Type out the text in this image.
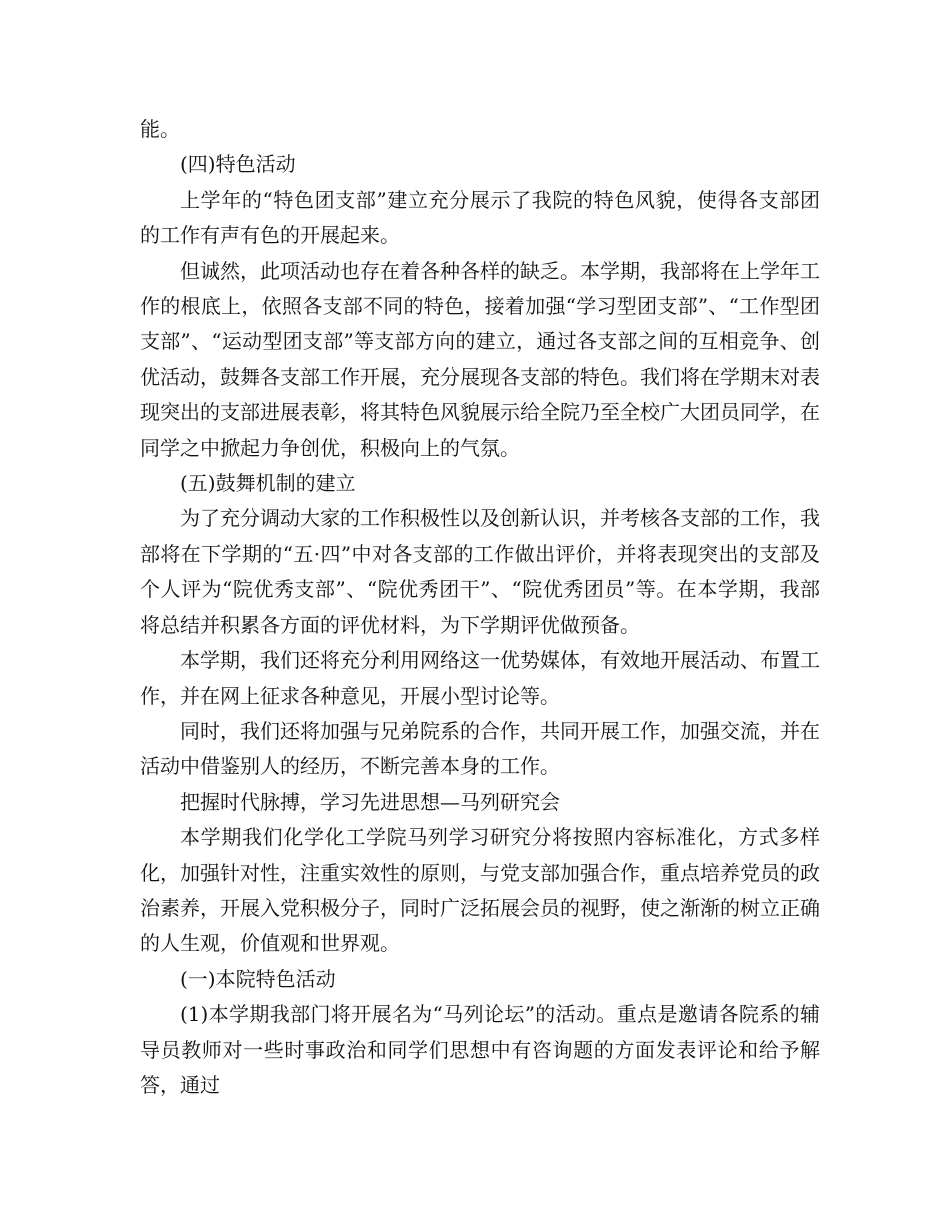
能。

(四)特色活动

上学年的“特色团支部”建立充分展示了我院的特色风貌，使得各支部团的工作有声有色的开展起来。

但诚然，此项活动也存在着各种各样的缺乏。本学期，我部将在上学年工作的根底上，依照各支部不同的特色，接着加强“学习型团支部”、“工作型团支部”、“运动型团支部”等支部方向的建立，通过各支部之间的互相竞争、创优活动，鼓舞各支部工作开展，充分展现各支部的特色。我们将在学期末对表现突出的支部进展表彰，将其特色风貌展示给全院乃至全校广大团员同学，在同学之中掀起力争创优，积极向上的气氛。

(五)鼓舞机制的建立

为了充分调动大家的工作积极性以及创新认识，并考核各支部的工作，我部将在下学期的“五·四”中对各支部的工作做出评价，并将表现突出的支部及个人评为“院优秀支部”、“院优秀团干”、“院优秀团员”等。在本学期，我部将总结并积累各方面的评优材料，为下学期评优做预备。

本学期，我们还将充分利用网络这一优势媒体，有效地开展活动、布置工作，并在网上征求各种意见，开展小型讨论等。

同时，我们还将加强与兄弟院系的合作，共同开展工作，加强交流，并在活动中借鉴别人的经历，不断完善本身的工作。

把握时代脉搏，学习先进思想—马列研究会

本学期我们化学化工学院马列学习研究分将按照内容标准化，方式多样化，加强针对性，注重实效性的原则，与党支部加强合作，重点培养党员的政治素养，开展入党积极分子，同时广泛拓展会员的视野，使之渐渐的树立正确的人生观，价值观和世界观。

(一)本院特色活动

(1)本学期我部门将开展名为“马列论坛”的活动。重点是邀请各院系的辅导员教师对一些时事政治和同学们思想中有咨询题的方面发表评论和给予解答，通过
